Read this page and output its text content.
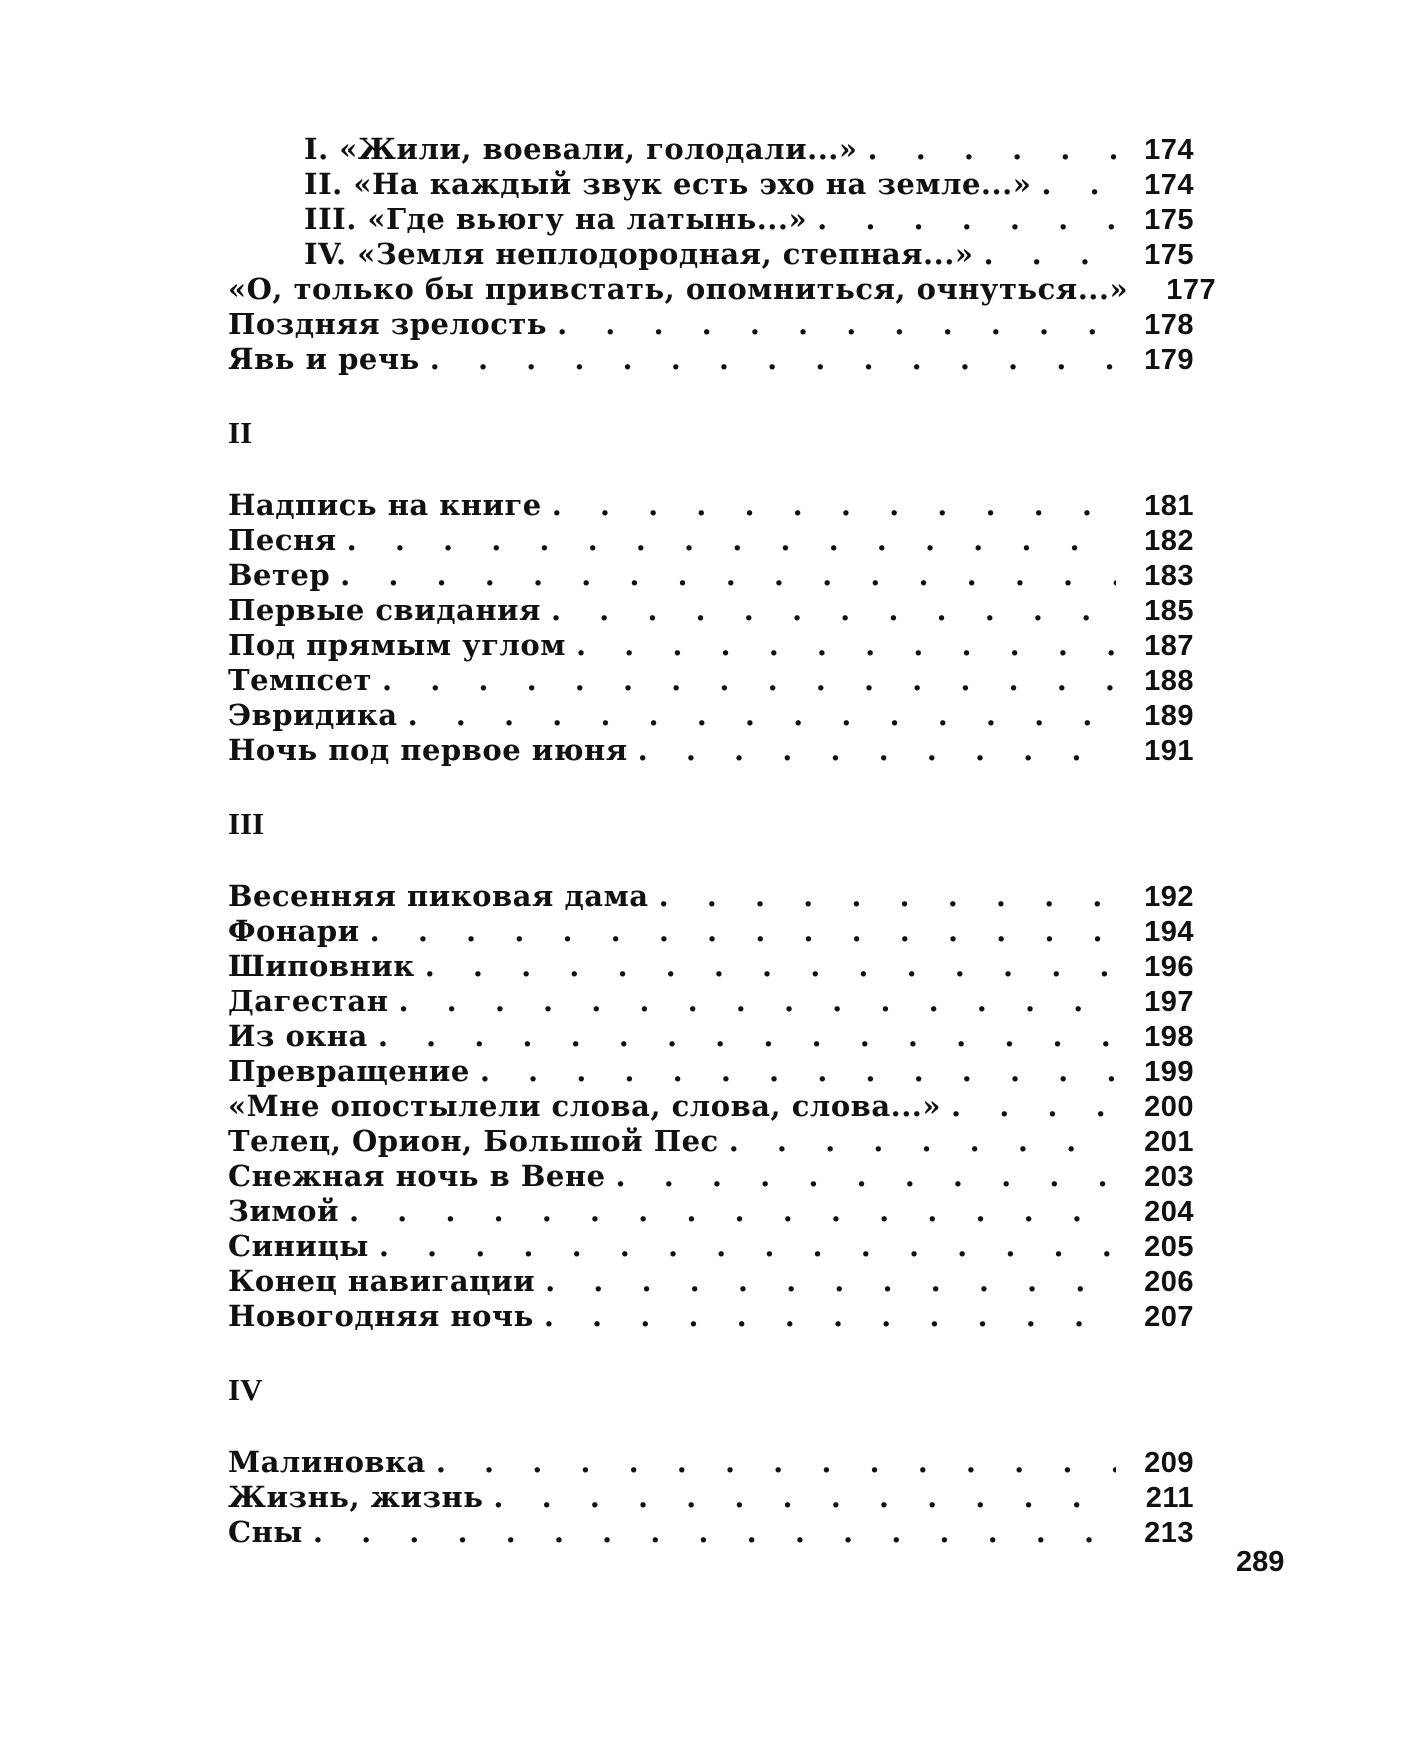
I. «Жили, воевали, голодали...» . . .	174
II. «На каждый звук есть эхо на земле...» . . .	174
III. «Где вьюгу на латынь...» . . .	175
IV. «Земля неплодородная, степная...» . . .	175
«О, только бы привстать, опомниться, очнуться...»	177
Поздняя зрелость . . .	178
Явь и речь . . .	179
II
Надпись на книге . . .	181
Песня . . .	182
Ветер . . .	183
Первые свидания . . .	185
Под прямым углом . . .	187
Темпсет . . .	188
Эвридика . . .	189
Ночь под первое июня . . .	191
III
Весенняя пиковая дама . . .	192
Фонари . . .	194
Шиповник . . .	196
Дагестан . . .	197
Из окна . . .	198
Превращение . . .	199
«Мне опостылели слова, слова, слова...» . . .	200
Телец, Орион, Большой Пес . . .	201
Снежная ночь в Вене . . .	203
Зимой . . .	204
Синицы . . .	205
Конец навигации . . .	206
Новогодняя ночь . . .	207
IV
Малиновка . . .	209
Жизнь, жизнь . . .	211
Сны . . .	213
289
